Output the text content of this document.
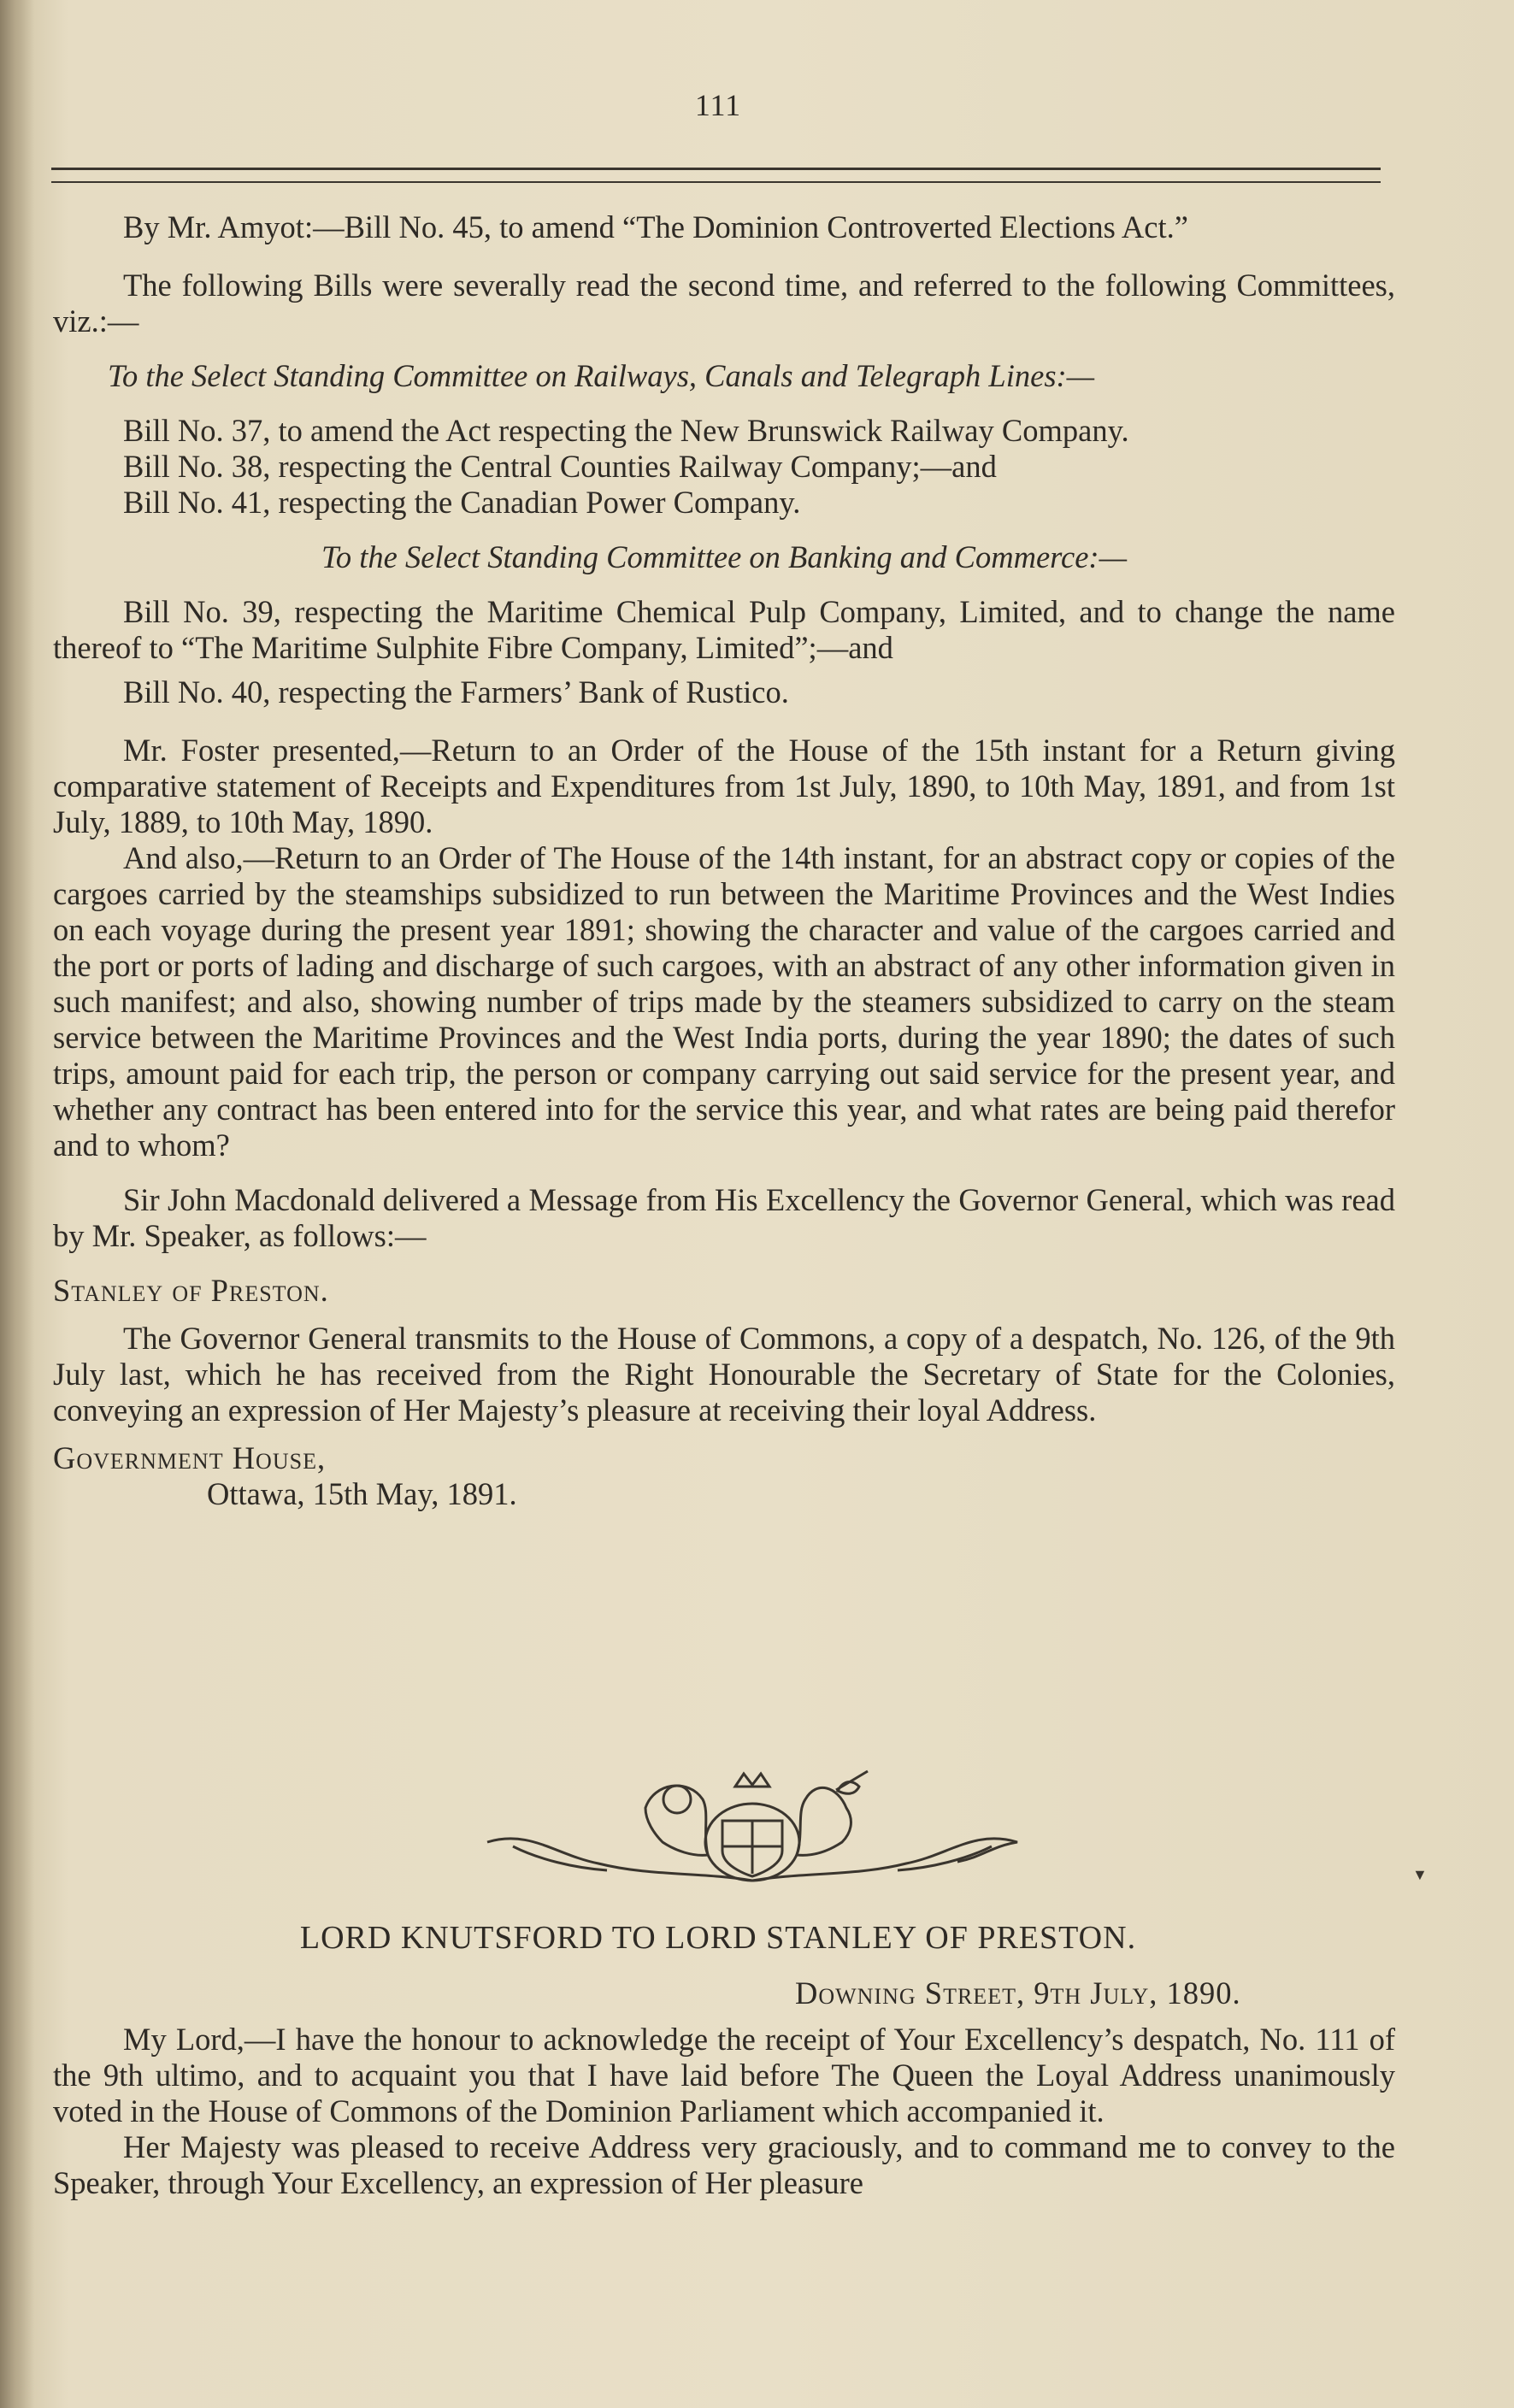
111

By Mr. Amyot:—Bill No. 45, to amend “The Dominion Controverted Elections Act.”

The following Bills were severally read the second time, and referred to the following Committees, viz.:—

To the Select Standing Committee on Railways, Canals and Telegraph Lines:—

Bill No. 37, to amend the Act respecting the New Brunswick Railway Company.

Bill No. 38, respecting the Central Counties Railway Company;—and

Bill No. 41, respecting the Canadian Power Company.

To the Select Standing Committee on Banking and Commerce:—

Bill No. 39, respecting the Maritime Chemical Pulp Company, Limited, and to change the name thereof to “The Maritime Sulphite Fibre Company, Limited”;—and

Bill No. 40, respecting the Farmers’ Bank of Rustico.

Mr. Foster presented,—Return to an Order of the House of the 15th instant for a Return giving comparative statement of Receipts and Expenditures from 1st July, 1890, to 10th May, 1891, and from 1st July, 1889, to 10th May, 1890.

And also,—Return to an Order of The House of the 14th instant, for an abstract copy or copies of the cargoes carried by the steamships subsidized to run between the Maritime Provinces and the West Indies on each voyage during the present year 1891; showing the character and value of the cargoes carried and the port or ports of lading and discharge of such cargoes, with an abstract of any other information given in such manifest; and also, showing number of trips made by the steamers subsidized to carry on the steam service between the Maritime Provinces and the West India ports, during the year 1890; the dates of such trips, amount paid for each trip, the person or company carrying out said service for the present year, and whether any contract has been entered into for the service this year, and what rates are being paid therefor and to whom?

Sir John Macdonald delivered a Message from His Excellency the Governor General, which was read by Mr. Speaker, as follows:—

Stanley of Preston.

The Governor General transmits to the House of Commons, a copy of a despatch, No. 126, of the 9th July last, which he has received from the Right Honourable the Secretary of State for the Colonies, conveying an expression of Her Majesty’s pleasure at receiving their loyal Address.

Government House,

Ottawa, 15th May, 1891.

▼
LORD KNUTSFORD TO LORD STANLEY OF PRESTON.
Downing Street, 9th July, 1890.

My Lord,—I have the honour to acknowledge the receipt of Your Excellency’s despatch, No. 111 of the 9th ultimo, and to acquaint you that I have laid before The Queen the Loyal Address unanimously voted in the House of Commons of the Dominion Parliament which accompanied it.

Her Majesty was pleased to receive Address very graciously, and to command me to convey to the Speaker, through Your Excellency, an expression of Her pleasure
